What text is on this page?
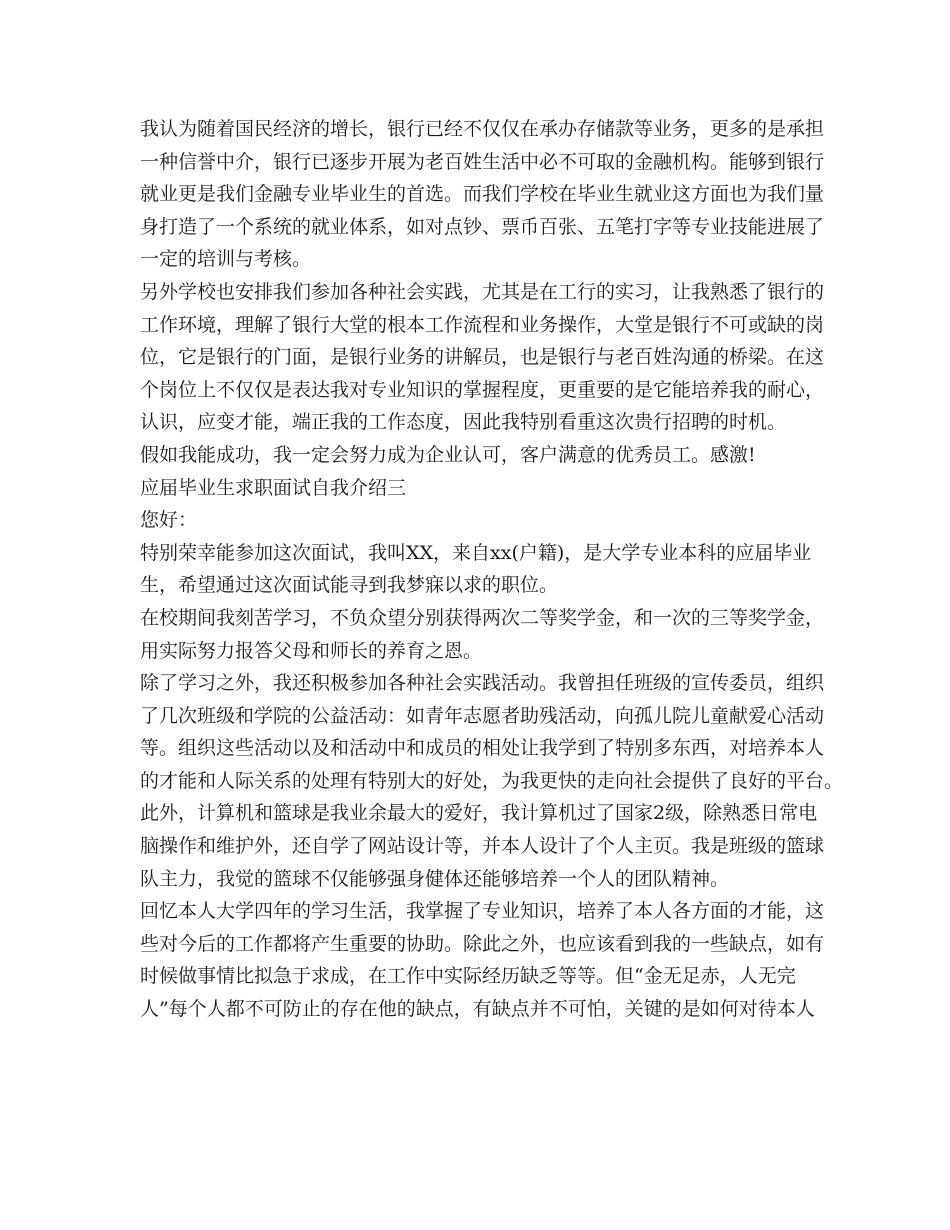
我认为随着国民经济的增长，银行已经不仅仅在承办存储款等业务，更多的是承担
一种信誉中介，银行已逐步开展为老百姓生活中必不可取的金融机构。能够到银行
就业更是我们金融专业毕业生的首选。而我们学校在毕业生就业这方面也为我们量
身打造了一个系统的就业体系，如对点钞、票币百张、五笔打字等专业技能进展了
一定的培训与考核。
另外学校也安排我们参加各种社会实践，尤其是在工行的实习，让我熟悉了银行的
工作环境，理解了银行大堂的根本工作流程和业务操作，大堂是银行不可或缺的岗
位，它是银行的门面，是银行业务的讲解员，也是银行与老百姓沟通的桥梁。在这
个岗位上不仅仅是表达我对专业知识的掌握程度，更重要的是它能培养我的耐心，
认识，应变才能，端正我的工作态度，因此我特别看重这次贵行招聘的时机。
假如我能成功，我一定会努力成为企业认可，客户满意的优秀员工。感激!
应届毕业生求职面试自我介绍三
您好：
特别荣幸能参加这次面试，我叫XX，来自xx(户籍)，是大学专业本科的应届毕业
生，希望通过这次面试能寻到我梦寐以求的职位。
在校期间我刻苦学习，不负众望分别获得两次二等奖学金，和一次的三等奖学金，
用实际努力报答父母和师长的养育之恩。
除了学习之外，我还积极参加各种社会实践活动。我曾担任班级的宣传委员，组织
了几次班级和学院的公益活动：如青年志愿者助残活动，向孤儿院儿童献爱心活动
等。组织这些活动以及和活动中和成员的相处让我学到了特别多东西，对培养本人
的才能和人际关系的处理有特别大的好处，为我更快的走向社会提供了良好的平台。
此外，计算机和篮球是我业余最大的爱好，我计算机过了国家2级，除熟悉日常电
脑操作和维护外，还自学了网站设计等，并本人设计了个人主页。我是班级的篮球
队主力，我觉的篮球不仅能够强身健体还能够培养一个人的团队精神。
回忆本人大学四年的学习生活，我掌握了专业知识，培养了本人各方面的才能，这
些对今后的工作都将产生重要的协助。除此之外，也应该看到我的一些缺点，如有
时候做事情比拟急于求成，在工作中实际经历缺乏等等。但“金无足赤，人无完
人”每个人都不可防止的存在他的缺点，有缺点并不可怕，关键的是如何对待本人
